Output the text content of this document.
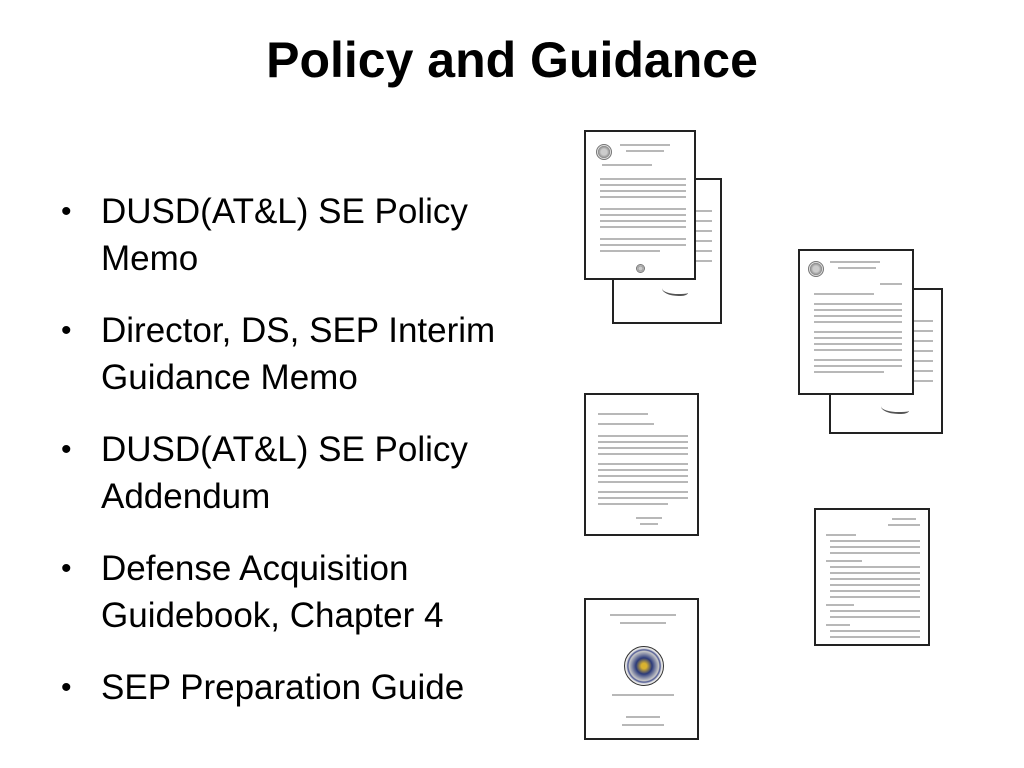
Policy and Guidance
• DUSD(AT&L) SE Policy Memo
• Director, DS, SEP Interim Guidance Memo
• DUSD(AT&L) SE Policy Addendum
• Defense Acquisition Guidebook, Chapter 4
• SEP Preparation Guide
